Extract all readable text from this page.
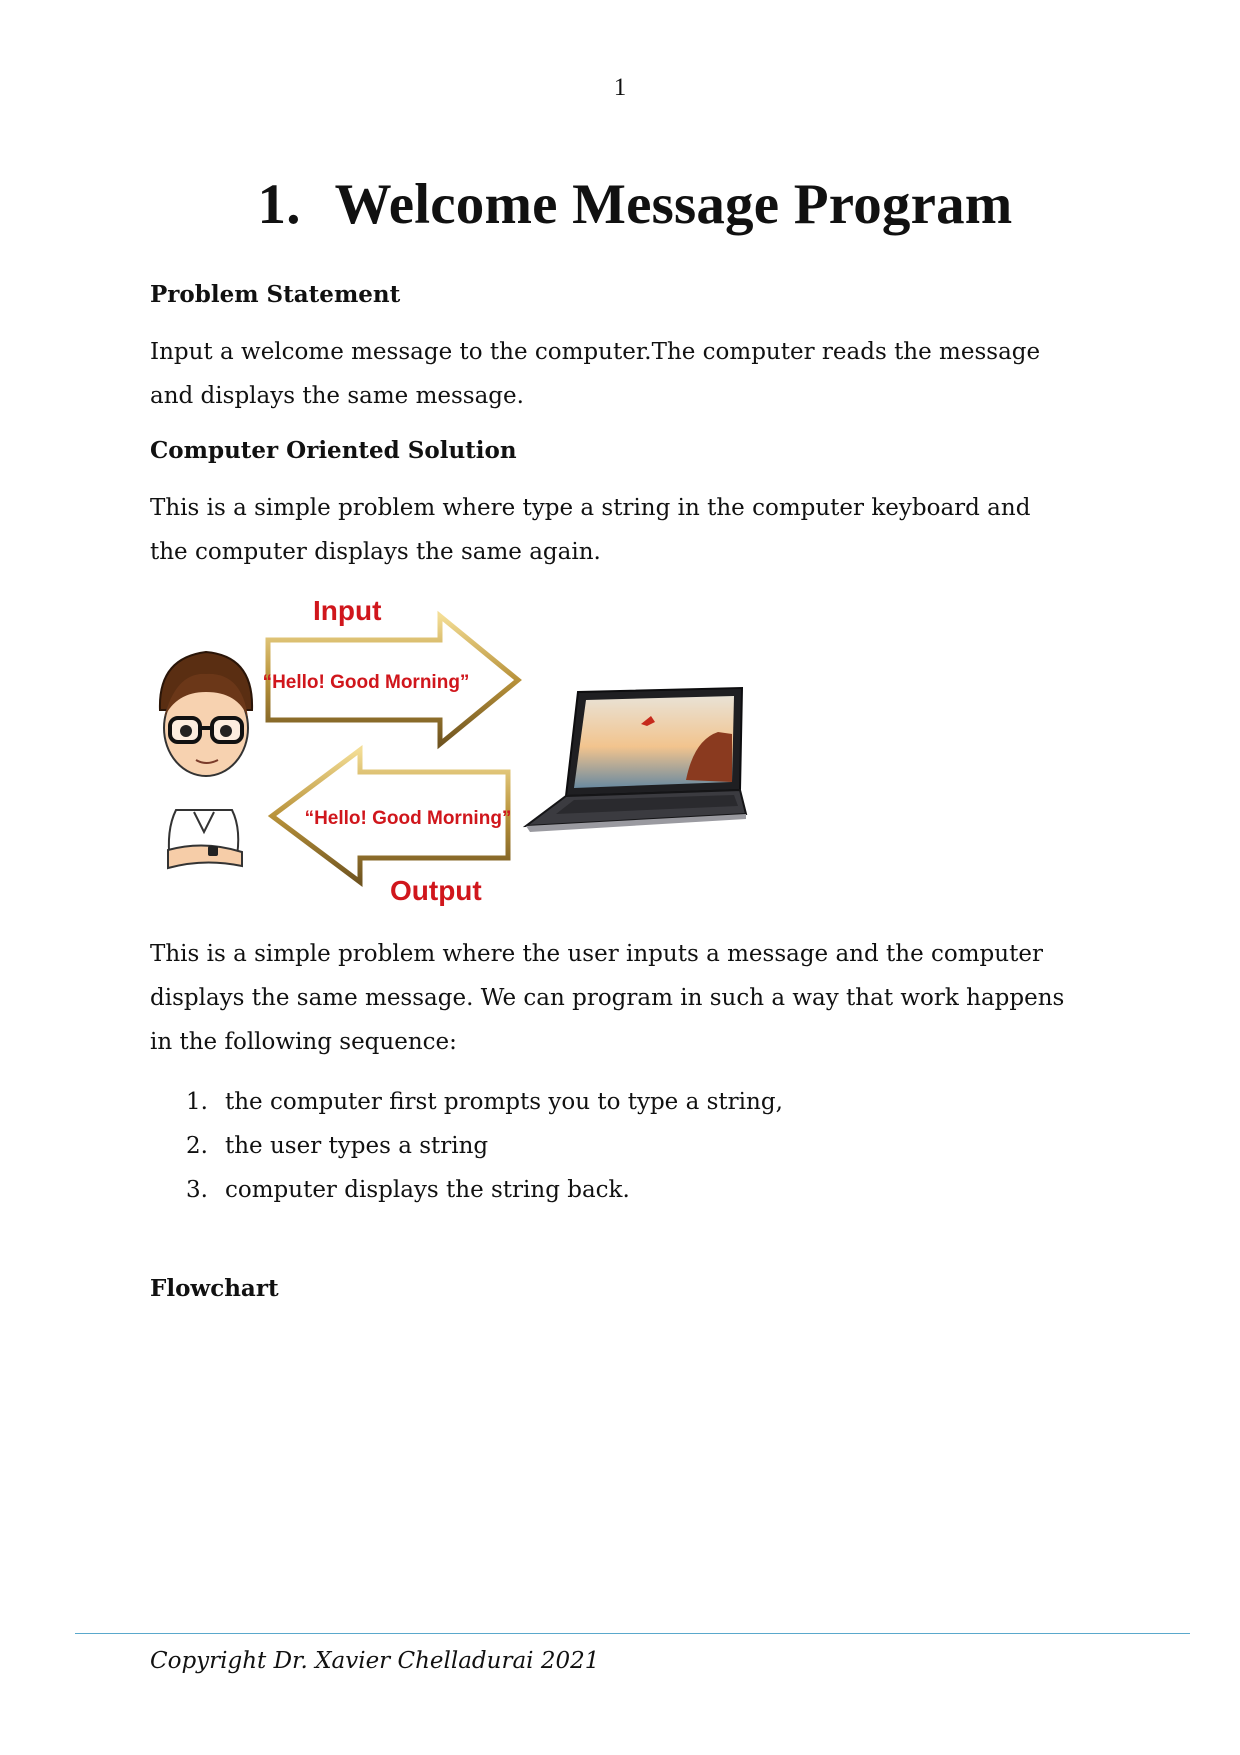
1
1. Welcome Message Program
Problem Statement
Input a welcome message to the computer.The computer reads the message
and displays the same message.
Computer Oriented Solution
This is a simple problem where type a string in the computer keyboard and
the computer displays the same again.
Input
“Hello! Good Morning”
“Hello! Good Morning”
Output
This is a simple problem where the user inputs a message and the computer
displays the same message. We can program in such a way that work happens
in the following sequence:
1. the computer first prompts you to type a string,
2. the user types a string
3. computer displays the string back.
Flowchart
Copyright Dr. Xavier Chelladurai 2021
